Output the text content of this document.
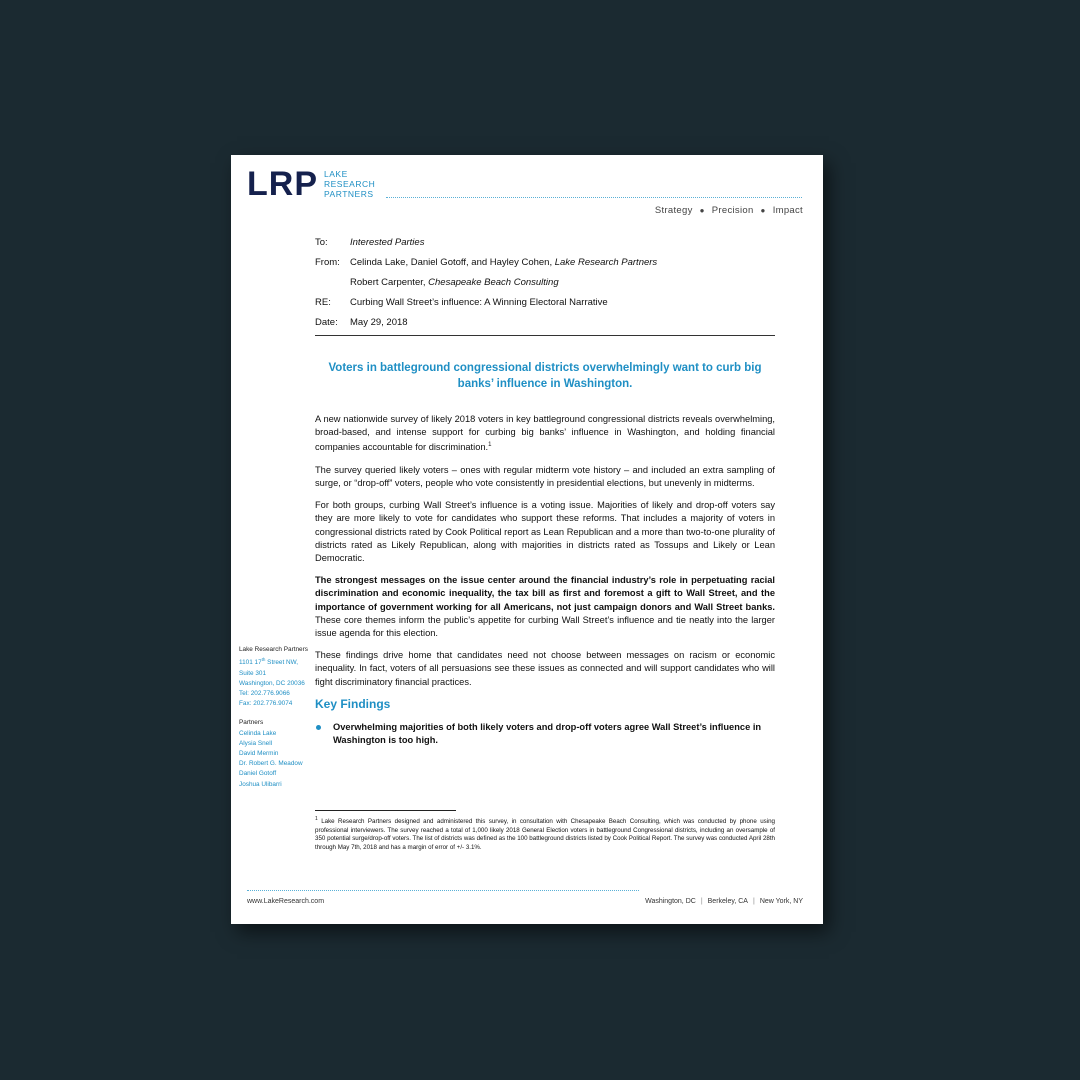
LRP LAKE
RESEARCH
PARTNERS
Strategy ● Precision ● Impact
To: Interested Parties
From: Celinda Lake, Daniel Gotoff, and Hayley Cohen, Lake Research Partners
Robert Carpenter, Chesapeake Beach Consulting
RE: Curbing Wall Street’s influence: A Winning Electoral Narrative
Date: May 29, 2018
Voters in battleground congressional districts overwhelmingly want to curb big banks’ influence in Washington.

A new nationwide survey of likely 2018 voters in key battleground congressional districts reveals overwhelming, broad-based, and intense support for curbing big banks’ influence in Washington, and holding financial companies accountable for discrimination.$^1$

The survey queried likely voters – ones with regular midterm vote history – and included an extra sampling of surge, or “drop-off” voters, people who vote consistently in presidential elections, but unevenly in midterms.

For both groups, curbing Wall Street’s influence is a voting issue. Majorities of likely and drop-off voters say they are more likely to vote for candidates who support these reforms. That includes a majority of voters in congressional districts rated by Cook Political report as Lean Republican and a more than two-to-one plurality of districts rated as Likely Republican, along with majorities in districts rated as Tossups and Likely or Lean Democratic.

The strongest messages on the issue center around the financial industry’s role in perpetuating racial discrimination and economic inequality, the tax bill as first and foremost a gift to Wall Street, and the importance of government working for all Americans, not just campaign donors and Wall Street banks. These core themes inform the public’s appetite for curbing Wall Street’s influence and tie neatly into the larger issue agenda for this election.

These findings drive home that candidates need not choose between messages on racism or economic inequality. In fact, voters of all persuasions see these issues as connected and will support candidates who will fight discriminatory financial practices.

Key Findings
Overwhelming majorities of both likely voters and drop-off voters agree Wall Street’s influence in Washington is too high.
Lake Research Partners
1101 17th Street NW,
Suite 301
Washington, DC 20036
Tel: 202.776.9066
Fax: 202.776.9074
Partners
Celinda Lake
Alysia Snell
David Mermin
Dr. Robert G. Meadow
Daniel Gotoff
Joshua Ulibarri
$^1$ Lake Research Partners designed and administered this survey, in consultation with Chesapeake Beach Consulting, which was conducted by phone using professional interviewers. The survey reached a total of 1,000 likely 2018 General Election voters in battleground Congressional districts, including an oversample of 350 potential surge/drop-off voters. The list of districts was defined as the 100 battleground districts listed by Cook Political Report. The survey was conducted April 28th through May 7th, 2018 and has a margin of error of +/- 3.1%.
www.LakeResearch.com	Washington, DC | Berkeley, CA | New York, NY
